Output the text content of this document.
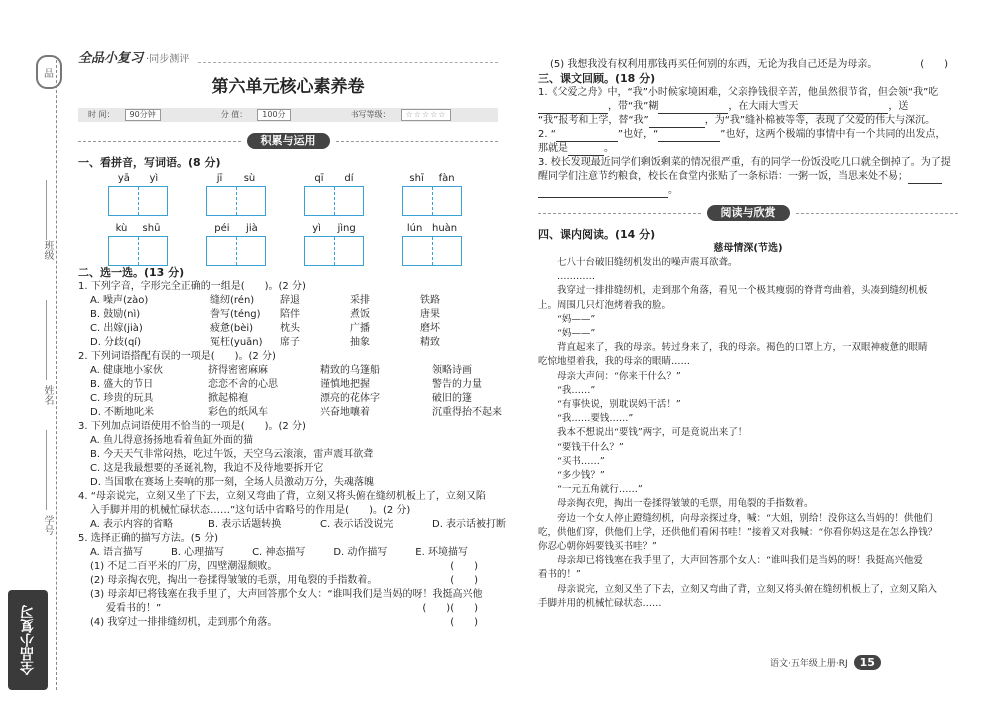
品
班级
姓名
学号
全品小复习
全品小复习 ·同步测评
第六单元核心素养卷
时 间：	90分钟	分 值：	100分	书写等级：	☆☆☆☆☆
积累与运用
一、看拼音，写词语。(8 分)
yā yì	jī sù	qī dí	shī fàn
kù shū	péi jià	yì jìng	lún huàn
二、选一选。(13 分)
1. 下列字音，字形完全正确的一组是(　　)。(2 分)
A. 噪声(zào)	缝纫(rén)	辞退	采排	铁路
B. 鼓励(nì)	誊写(téng)	陪伴	煮饭	唐果
C. 出嫁(jià)	疲惫(bèi)	枕头	广播	磨坏
D. 分歧(qí)	冤枉(yuān)	席子	抽象	精致
2. 下列词语搭配有误的一项是(　　)。(2 分)
A. 健康地小家伙	挤得密密麻麻	精致的乌篷船	领略诗画
B. 盛大的节日	恋恋不舍的心思	谨慎地把握	警告的力量
C. 珍贵的玩具	掀起棉袍	漂亮的花体字	破旧的篷
D. 不断地叱米	彩色的纸风车	兴奋地嚷着	沉重得抬不起来
3. 下列加点词语使用不恰当的一项是(　　)。(2 分)
A. 鱼儿得意扬扬地看着鱼缸外面的猫
B. 今天天气非常闷热，吃过午饭，天空乌云滚滚，雷声震耳欲聋
C. 这是我最想要的圣诞礼物，我迫不及待地要拆开它
D. 当国歌在赛场上奏响的那一刻，全场人员激动万分，失魂落魄
4. “母亲说完，立刻又坐了下去，立刻又弯曲了背，立刻又将头俯在缝纫机板上了，立刻又陷
入手脚并用的机械忙碌状态……”这句话中省略号的作用是(　　)。(2 分)
A. 表示内容的省略	B. 表示话题转换	C. 表示话没说完	D. 表示话被打断
5. 选择正确的描写方法。(5 分)
A. 语言描写	B. 心理描写	C. 神态描写	D. 动作描写	E. 环境描写
(1) 不足二百平米的厂房，四壁潮湿颓败。	(　　)
(2) 母亲掏衣兜，掏出一卷揉得皱皱的毛票，用龟裂的手指数着。	(　　)
(3) 母亲却已将钱塞在我手里了，大声回答那个女人：“谁叫我们是当妈的呀！我挺高兴他
爱看书的！”	(　　)(　　)
(4) 我穿过一排排缝纫机，走到那个角落。	(　　)
(5) 我想我没有权利用那钱再买任何别的东西，无论为我自己还是为母亲。	(　　)
三、课文回顾。(18 分)
1.《父爱之舟》中，“我”小时候家境困难，父亲挣钱很辛苦，他虽然很节省，但会领“我”吃
，带“我”糊	，在大雨大雪天	，送
“我”报考和上学，替“我”	，为“我”缝补棉被等等，表现了父爱的伟大与深沉。
2. “	”也好，“	”也好，这两个极端的事情中有一个共同的出发点，
那就是	。
3. 校长发现最近同学们剩饭剩菜的情况很严重，有的同学一份饭没吃几口就全倒掉了。为了提
醒同学们注意节约粮食，校长在食堂内张贴了一条标语：一粥一饭，当思来处不易；
。
阅读与欣赏
四、课内阅读。(14 分)
慈母情深(节选)
七八十台破旧缝纫机发出的噪声震耳欲聋。
…………
我穿过一排排缝纫机，走到那个角落，看见一个极其瘦弱的脊背弯曲着，头凑到缝纫机板
上。周围几只灯泡烤着我的脸。
“妈——”
“妈——”
背直起来了，我的母亲。转过身来了，我的母亲。褐色的口罩上方，一双眼神疲惫的眼睛
吃惊地望着我，我的母亲的眼睛……
母亲大声问：“你来干什么？”
“我……”
“有事快说，别耽误妈干活！”
“我……要钱……”
我本不想说出“要钱”两字，可是竟说出来了！
“要钱干什么？”
“买书……”
“多少钱？”
“一元五角就行……”
母亲掏衣兜，掏出一卷揉得皱皱的毛票，用龟裂的手指数着。
旁边一个女人停止蹬缝纫机，向母亲探过身，喊：“大姐，别给！没你这么当妈的！供他们
吃，供他们穿，供他们上学，还供他们看闲书哇！”接着又对我喊：“你看你妈这是在怎么挣钱？
你忍心朝你妈要钱买书哇？”
母亲却已将钱塞在我手里了，大声回答那个女人：“谁叫我们是当妈的呀！我挺高兴他爱
看书的！”
母亲说完，立刻又坐了下去，立刻又弯曲了背，立刻又将头俯在缝纫机板上了，立刻又陷入
手脚并用的机械忙碌状态……
语文·五年级上册·RJ	15
